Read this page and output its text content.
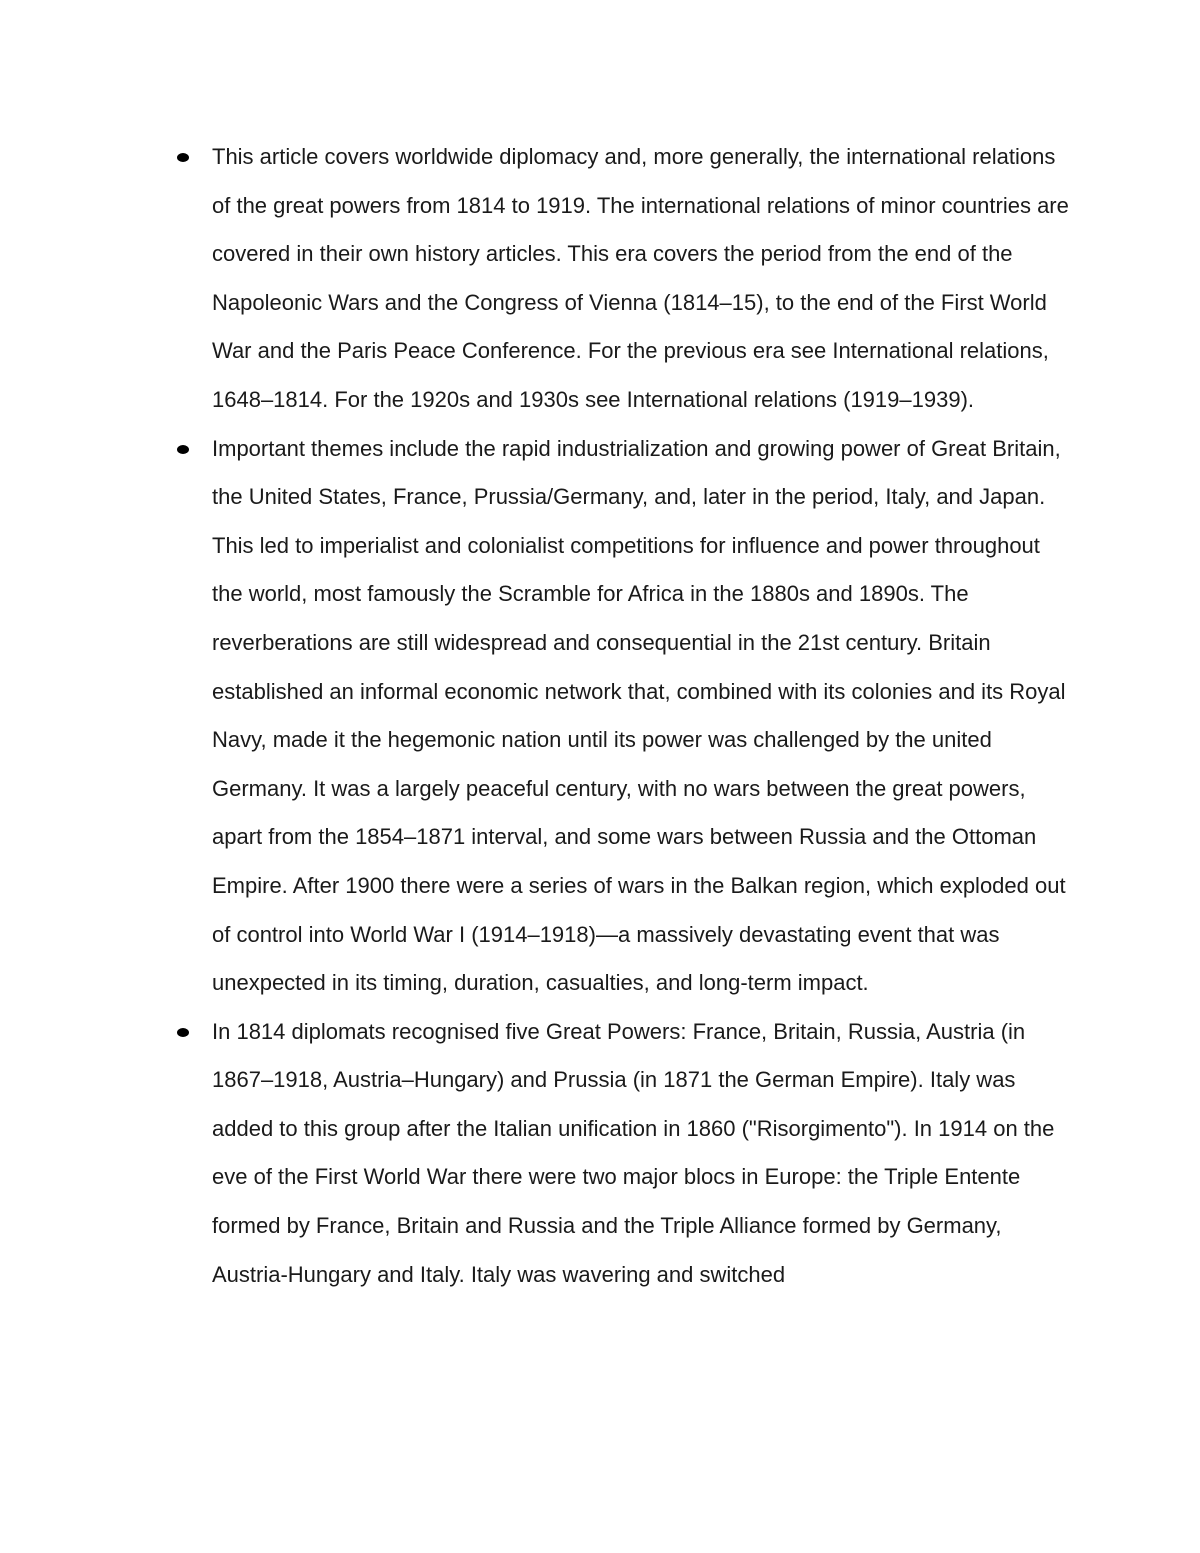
This article covers worldwide diplomacy and, more generally, the international relations of the great powers from 1814 to 1919. The international relations of minor countries are covered in their own history articles. This era covers the period from the end of the Napoleonic Wars and the Congress of Vienna (1814–15), to the end of the First World War and the Paris Peace Conference. For the previous era see International relations, 1648–1814. For the 1920s and 1930s see International relations (1919–1939).

Important themes include the rapid industrialization and growing power of Great Britain, the United States, France, Prussia/Germany, and, later in the period, Italy, and Japan. This led to imperialist and colonialist competitions for influence and power throughout the world, most famously the Scramble for Africa in the 1880s and 1890s. The reverberations are still widespread and consequential in the 21st century. Britain established an informal economic network that, combined with its colonies and its Royal Navy, made it the hegemonic nation until its power was challenged by the united Germany. It was a largely peaceful century, with no wars between the great powers, apart from the 1854–1871 interval, and some wars between Russia and the Ottoman Empire. After 1900 there were a series of wars in the Balkan region, which exploded out of control into World War I (1914–1918)—a massively devastating event that was unexpected in its timing, duration, casualties, and long-term impact.

In 1814 diplomats recognised five Great Powers: France, Britain, Russia, Austria (in 1867–1918, Austria–Hungary) and Prussia (in 1871 the German Empire). Italy was added to this group after the Italian unification in 1860 ("Risorgimento"). In 1914 on the eve of the First World War there were two major blocs in Europe: the Triple Entente formed by France, Britain and Russia and the Triple Alliance formed by Germany, Austria-Hungary and Italy. Italy was wavering and switched
